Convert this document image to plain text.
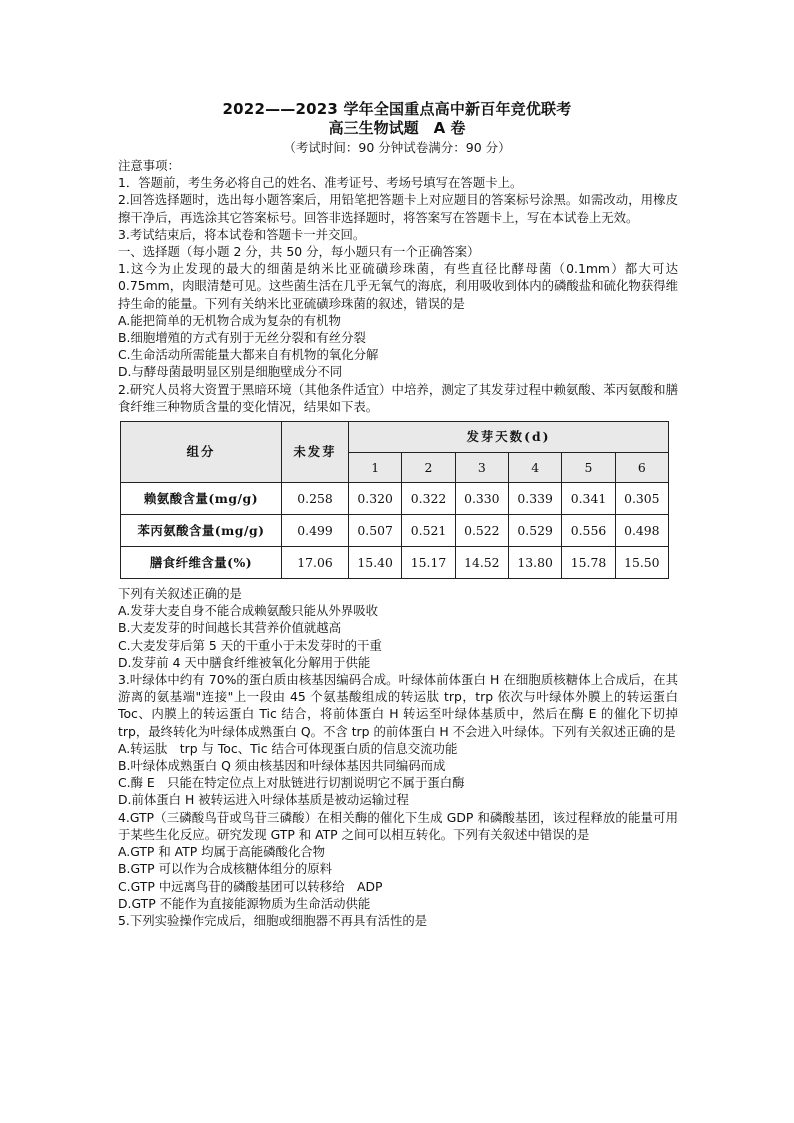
2022——2023 学年全国重点高中新百年竞优联考
高三生物试题　A 卷
（考试时间：90 分钟试卷满分：90 分）

注意事项：

1．答题前，考生务必将自己的姓名、准考证号、考场号填写在答题卡上。

2.回答选择题时，选出每小题答案后，用铅笔把答题卡上对应题目的答案标号涂黑。如需改动，用橡皮擦干净后，再选涂其它答案标号。回答非选择题时，将答案写在答题卡上，写在本试卷上无效。

3.考试结束后，将本试卷和答题卡一并交回。

一、选择题（每小题 2 分，共 50 分，每小题只有一个正确答案）

1.这今为止发现的最大的细菌是纳米比亚硫磺珍珠菌，有些直径比酵母菌（0.1mm）都大可达 0.75mm，肉眼清楚可见。这些菌生活在几乎无氧气的海底，利用吸收到体内的磷酸盐和硫化物获得维持生命的能量。下列有关纳米比亚硫磺珍珠菌的叙述，错误的是

A.能把简单的无机物合成为复杂的有机物

B.细胞增殖的方式有别于无丝分裂和有丝分裂

C.生命活动所需能量大都来自有机物的氧化分解

D.与酵母菌最明显区别是细胞壁成分不同

2.研究人员将大资置于黑暗环境（其他条件适宜）中培养，测定了其发芽过程中赖氨酸、苯丙氨酸和膳食纤维三种物质含量的变化情况，结果如下表。

组分	未发芽	发芽天数(d)					
		1	2	3	4	5	6
赖氨酸含量(mg/g)	0.258	0.320	0.322	0.330	0.339	0.341	0.305
苯丙氨酸含量(mg/g)	0.499	0.507	0.521	0.522	0.529	0.556	0.498
膳食纤维含量(%)	17.06	15.40	15.17	14.52	13.80	15.78	15.50

下列有关叙述正确的是

A.发芽大麦自身不能合成赖氨酸只能从外界吸收

B.大麦发芽的时间越长其营养价值就越高

C.大麦发芽后第 5 天的干重小于未发芽时的干重

D.发芽前 4 天中膳食纤维被氧化分解用于供能

3.叶绿体中约有 70%的蛋白质由核基因编码合成。叶绿体前体蛋白 H 在细胞质核糖体上合成后，在其游离的氨基端"连接"上一段由 45 个氨基酸组成的转运肽 trp，trp 依次与叶绿体外膜上的转运蛋白 Toc、内膜上的转运蛋白 Tic 结合，将前体蛋白 H 转运至叶绿体基质中，然后在酶 E 的催化下切掉 trp，最终转化为叶绿体成熟蛋白 Q。不含 trp 的前体蛋白 H 不会进入叶绿体。下列有关叙述正确的是

A.转运肽　trp 与 Toc、Tic 结合可体现蛋白质的信息交流功能

B.叶绿体成熟蛋白 Q 须由核基因和叶绿体基因共同编码而成

C.酶 E　只能在特定位点上对肽链进行切割说明它不属于蛋白酶

D.前体蛋白 H 被转运进入叶绿体基质是被动运输过程

4.GTP（三磷酸鸟苷或鸟苷三磷酸）在相关酶的催化下生成 GDP 和磷酸基团，该过程释放的能量可用于某些生化反应。研究发现 GTP 和 ATP 之间可以相互转化。下列有关叙述中错误的是

A.GTP 和 ATP 均属于高能磷酸化合物

B.GTP 可以作为合成核糖体组分的原料

C.GTP 中远离鸟苷的磷酸基团可以转移给　ADP

D.GTP 不能作为直接能源物质为生命活动供能

5.下列实验操作完成后，细胞或细胞器不再具有活性的是
